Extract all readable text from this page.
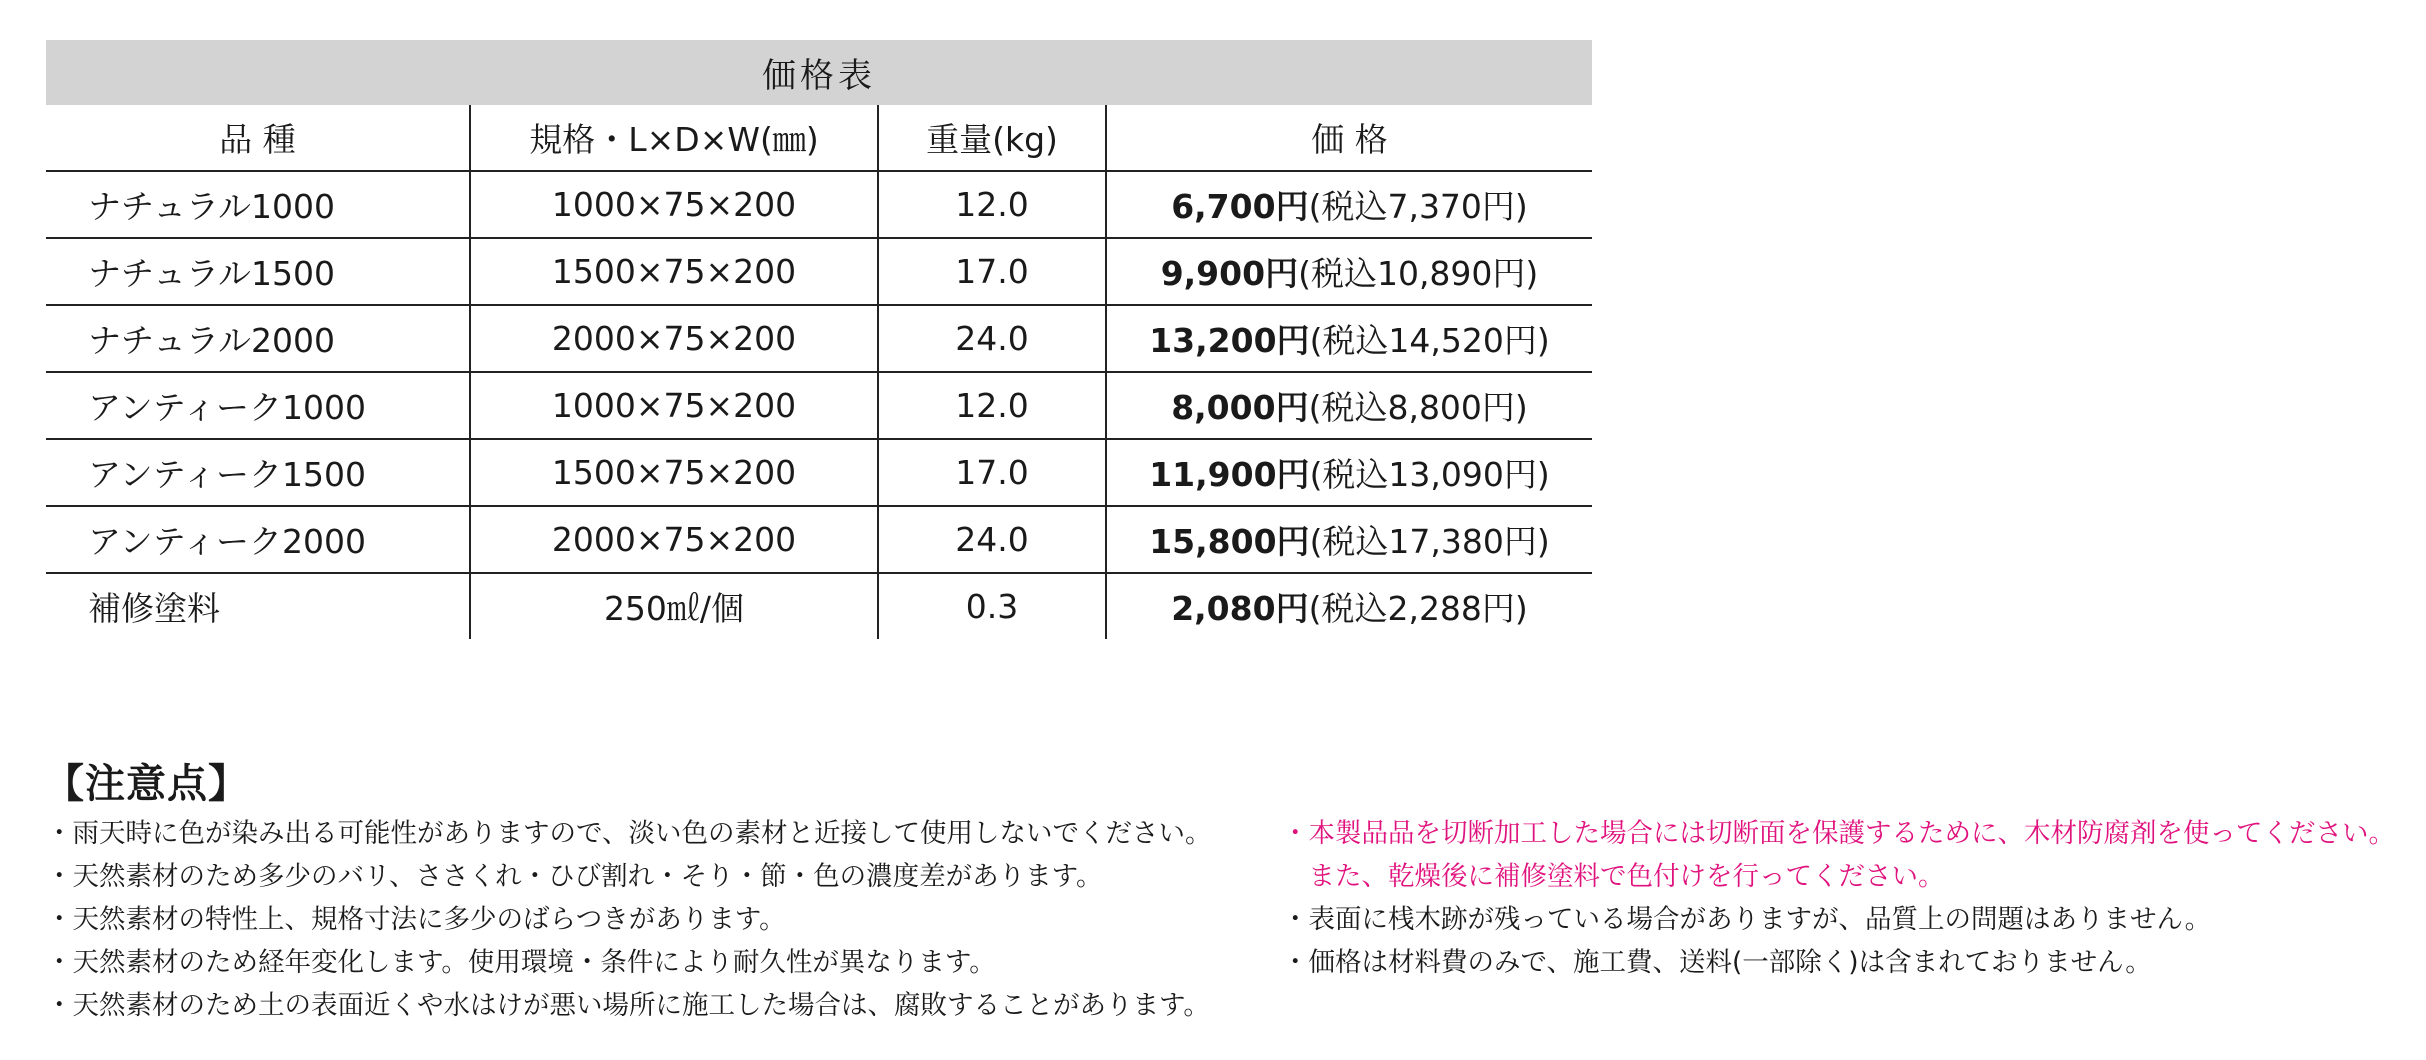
価格表			
品 種	規格・L×D×W(㎜)	重量(kg)	価 格
ナチュラル1000	1000×75×200	12.0	6,700円(税込7,370円)
ナチュラル1500	1500×75×200	17.0	9,900円(税込10,890円)
ナチュラル2000	2000×75×200	24.0	13,200円(税込14,520円)
アンティーク1000	1000×75×200	12.0	8,000円(税込8,800円)
アンティーク1500	1500×75×200	17.0	11,900円(税込13,090円)
アンティーク2000	2000×75×200	24.0	15,800円(税込17,380円)
補修塗料	250㎖/個	0.3	2,080円(税込2,288円)
【注意点】
・雨天時に色が染み出る可能性がありますので、淡い色の素材と近接して使用しないでください。
・天然素材のため多少のバリ、ささくれ・ひび割れ・そり・節・色の濃度差があります。
・天然素材の特性上、規格寸法に多少のばらつきがあります。
・天然素材のため経年変化します。使用環境・条件により耐久性が異なります。
・天然素材のため土の表面近くや水はけが悪い場所に施工した場合は、腐敗することがあります。
・本製品品を切断加工した場合には切断面を保護するために、木材防腐剤を使ってください。
　また、乾燥後に補修塗料で色付けを行ってください。
・表面に桟木跡が残っている場合がありますが、品質上の問題はありません。
・価格は材料費のみで、施工費、送料(一部除く)は含まれておりません。
